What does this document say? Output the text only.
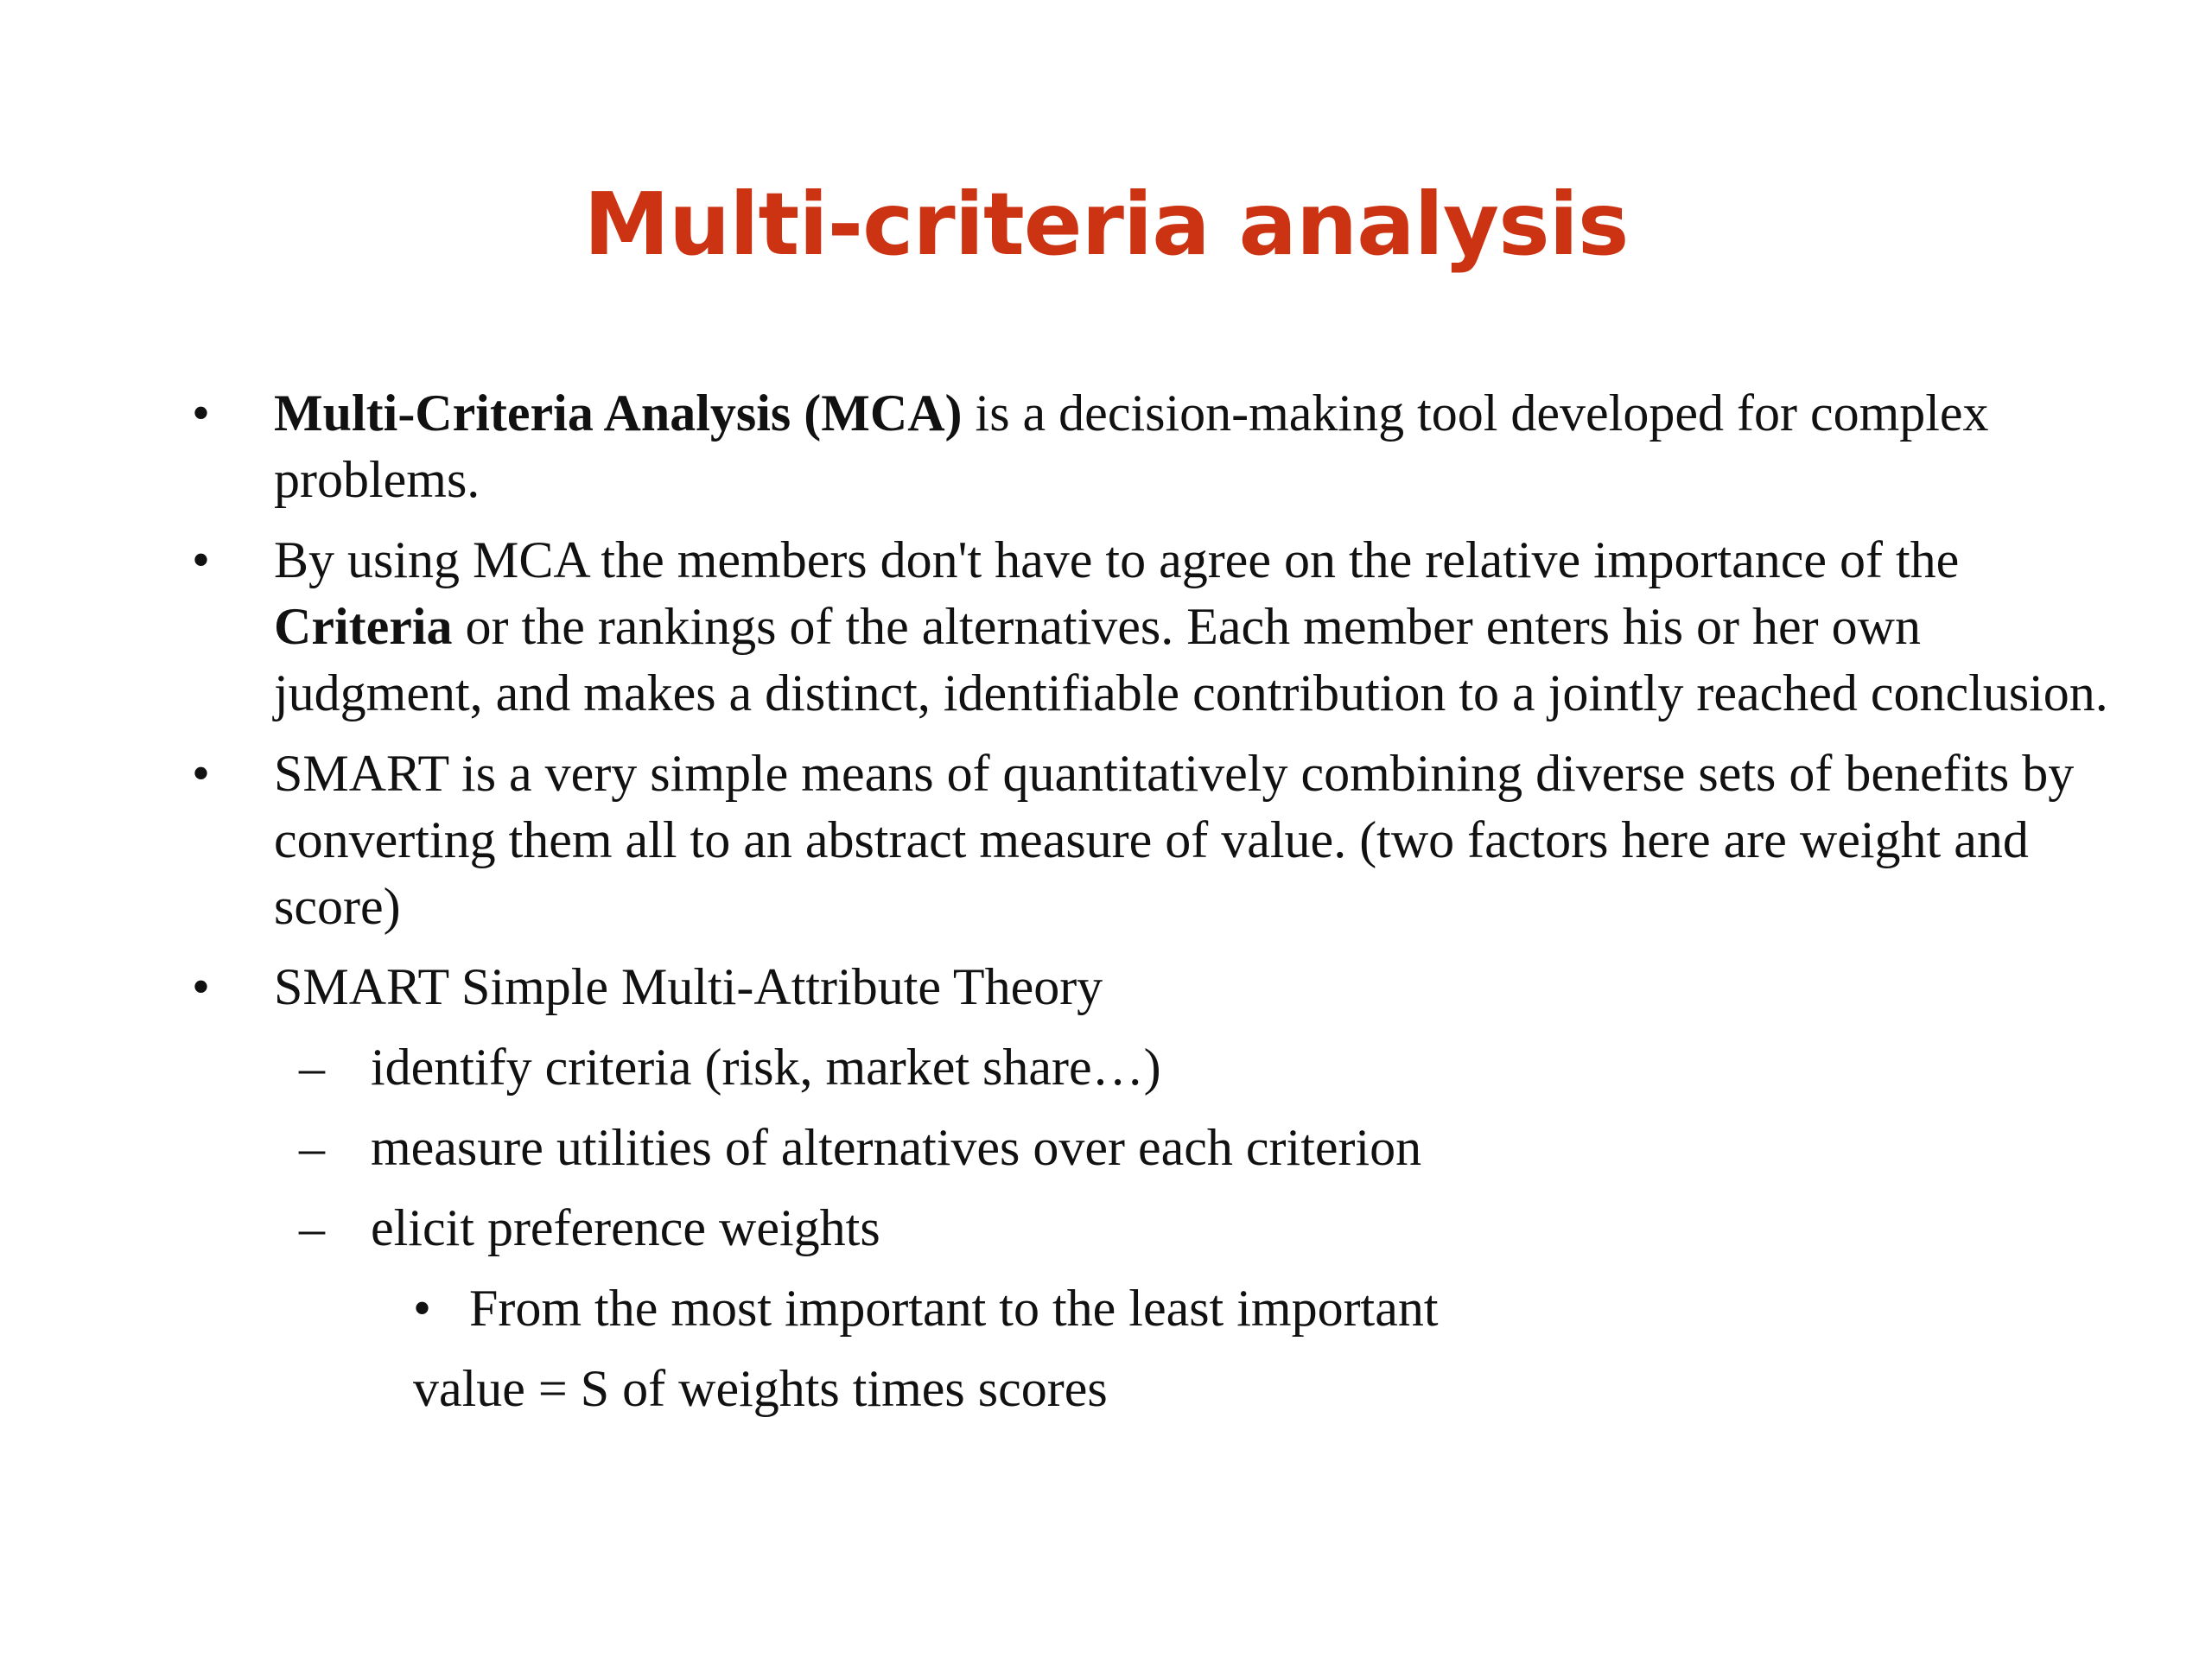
Multi-criteria analysis
• Multi-Criteria Analysis (MCA) is a decision-making tool developed for complex problems.
• By using MCA the members don't have to agree on the relative importance of the Criteria or the rankings of the alternatives. Each member enters his or her own judgment, and makes a distinct, identifiable contribution to a jointly reached conclusion.
• SMART is a very simple means of quantitatively combining diverse sets of benefits by converting them all to an abstract measure of value. (two factors here are weight and score)
• SMART Simple Multi-Attribute Theory
– identify criteria (risk, market share…)
– measure utilities of alternatives over each criterion
– elicit preference weights
• From the most important to the least important
value = S of weights times scores
